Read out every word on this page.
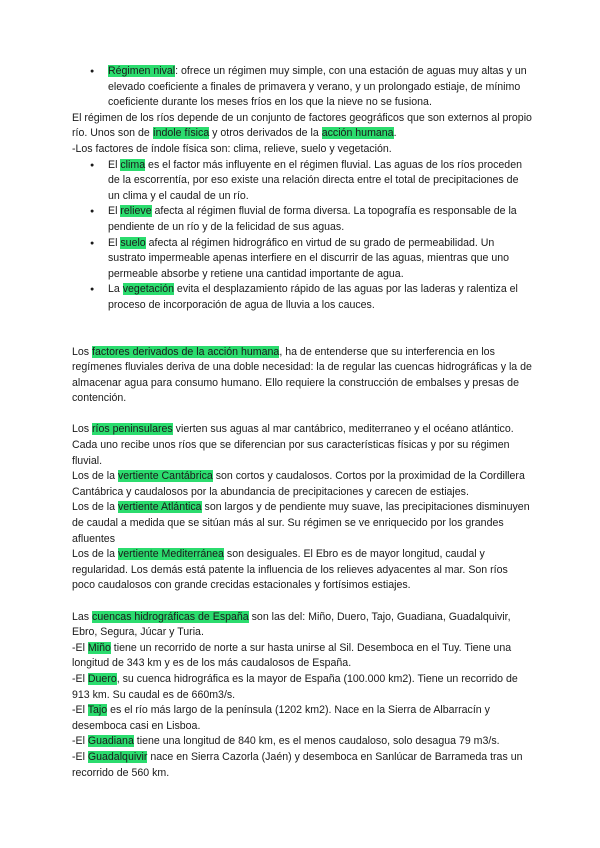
● Régimen nival: ofrece un régimen muy simple, con una estación de aguas muy altas y un elevado coeficiente a finales de primavera y verano, y un prolongado estiaje, de mínimo coeficiente durante los meses fríos en los que la nieve no se fusiona.

El régimen de los ríos depende de un conjunto de factores geográficos que son externos al propio río. Unos son de índole física y otros derivados de la acción humana.

-Los factores de índole física son: clima, relieve, suelo y vegetación.

● El clima es el factor más influyente en el régimen fluvial. Las aguas de los ríos proceden de la escorrentía, por eso existe una relación directa entre el total de precipitaciones de un clima y el caudal de un río.
● El relieve afecta al régimen fluvial de forma diversa. La topografía es responsable de la pendiente de un río y de la felicidad de sus aguas.
● El suelo afecta al régimen hidrográfico en virtud de su grado de permeabilidad. Un sustrato impermeable apenas interfiere en el discurrir de las aguas, mientras que uno permeable absorbe y retiene una cantidad importante de agua.
● La vegetación evita el desplazamiento rápido de las aguas por las laderas y ralentiza el proceso de incorporación de agua de lluvia a los cauces.

Los factores derivados de la acción humana, ha de entenderse que su interferencia en los regímenes fluviales deriva de una doble necesidad: la de regular las cuencas hidrográficas y la de almacenar agua para consumo humano. Ello requiere la construcción de embalses y presas de contención.

Los ríos peninsulares vierten sus aguas al mar cantábrico, mediterraneo y el océano atlántico. Cada uno recibe unos ríos que se diferencian por sus características físicas y por su régimen fluvial.

Los de la vertiente Cantábrica son cortos y caudalosos. Cortos por la proximidad de la Cordillera Cantábrica y caudalosos por la abundancia de precipitaciones y carecen de estiajes.

Los de la vertiente Atlántica son largos y de pendiente muy suave, las precipitaciones disminuyen de caudal a medida que se sitúan más al sur. Su régimen se ve enriquecido por los grandes afluentes

Los de la vertiente Mediterránea son desiguales. El Ebro es de mayor longitud, caudal y regularidad. Los demás está patente la influencia de los relieves adyacentes al mar. Son ríos poco caudalosos con grande crecidas estacionales y fortísimos estiajes.

Las cuencas hidrográficas de España son las del: Miño, Duero, Tajo, Guadiana, Guadalquivir, Ebro, Segura, Júcar y Turia.

-El Miño tiene un recorrido de norte a sur hasta unirse al Sil. Desemboca en el Tuy. Tiene una longitud de 343 km y es de los más caudalosos de España.

-El Duero, su cuenca hidrográfica es la mayor de España (100.000 km2). Tiene un recorrido de 913 km. Su caudal es de 660m3/s.

-El Tajo es el río más largo de la península (1202 km2). Nace en la Sierra de Albarracín y desemboca casi en Lisboa.

-El Guadiana tiene una longitud de 840 km, es el menos caudaloso, solo desagua 79 m3/s.

-El Guadalquivir nace en Sierra Cazorla (Jaén) y desemboca en Sanlúcar de Barrameda tras un recorrido de 560 km.
